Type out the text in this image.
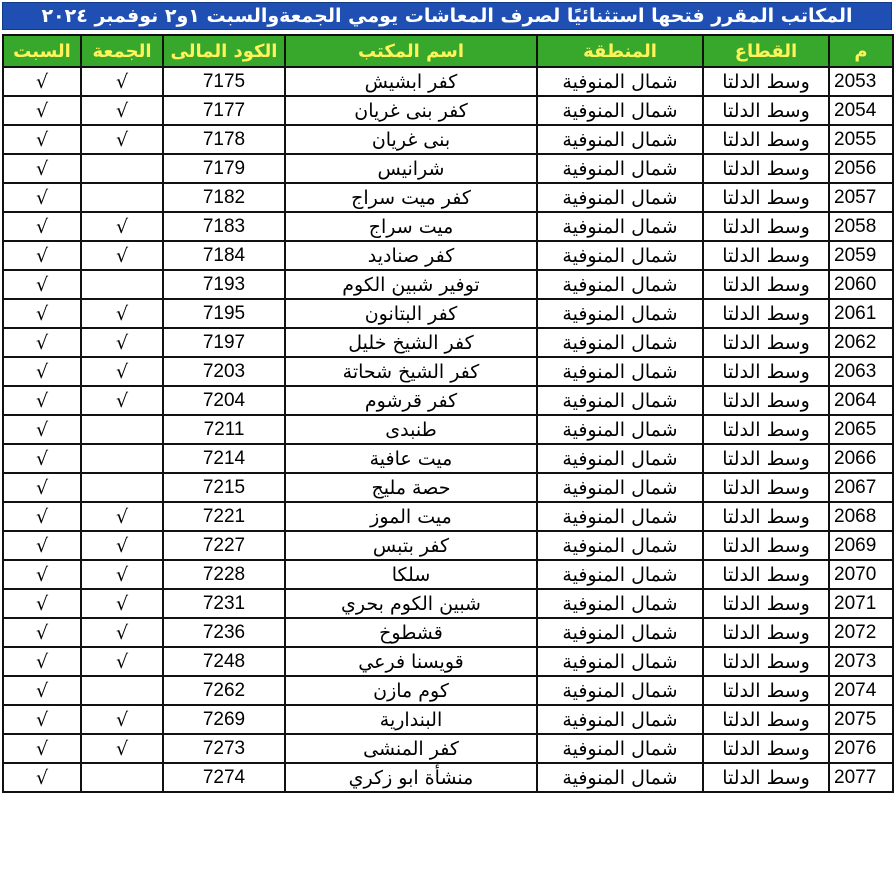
المكاتب المقرر فتحها استثنائيًا لصرف المعاشات يومي الجمعةوالسبت ١و٢ نوفمبر ٢٠٢٤
السبت	الجمعة	الكود المالى	اسم المكتب	المنطقة	القطاع	م
√	√	7175	كفر ابشيش	شمال المنوفية	وسط الدلتا	2053
√	√	7177	كفر بنى غريان	شمال المنوفية	وسط الدلتا	2054
√	√	7178	بنى غريان	شمال المنوفية	وسط الدلتا	2055
√		7179	شرانيس	شمال المنوفية	وسط الدلتا	2056
√		7182	كفر ميت سراج	شمال المنوفية	وسط الدلتا	2057
√	√	7183	ميت سراج	شمال المنوفية	وسط الدلتا	2058
√	√	7184	كفر صناديد	شمال المنوفية	وسط الدلتا	2059
√		7193	توفير شبين الكوم	شمال المنوفية	وسط الدلتا	2060
√	√	7195	كفر البتانون	شمال المنوفية	وسط الدلتا	2061
√	√	7197	كفر الشيخ خليل	شمال المنوفية	وسط الدلتا	2062
√	√	7203	كفر الشيخ شحاتة	شمال المنوفية	وسط الدلتا	2063
√	√	7204	كفر قرشوم	شمال المنوفية	وسط الدلتا	2064
√		7211	طنبدى	شمال المنوفية	وسط الدلتا	2065
√		7214	ميت عافية	شمال المنوفية	وسط الدلتا	2066
√		7215	حصة مليج	شمال المنوفية	وسط الدلتا	2067
√	√	7221	ميت الموز	شمال المنوفية	وسط الدلتا	2068
√	√	7227	كفر بتبس	شمال المنوفية	وسط الدلتا	2069
√	√	7228	سلكا	شمال المنوفية	وسط الدلتا	2070
√	√	7231	شبين الكوم بحري	شمال المنوفية	وسط الدلتا	2071
√	√	7236	قشطوخ	شمال المنوفية	وسط الدلتا	2072
√	√	7248	قويسنا فرعي	شمال المنوفية	وسط الدلتا	2073
√		7262	كوم مازن	شمال المنوفية	وسط الدلتا	2074
√	√	7269	البندارية	شمال المنوفية	وسط الدلتا	2075
√	√	7273	كفر المنشى	شمال المنوفية	وسط الدلتا	2076
√		7274	منشأة ابو زكري	شمال المنوفية	وسط الدلتا	2077
